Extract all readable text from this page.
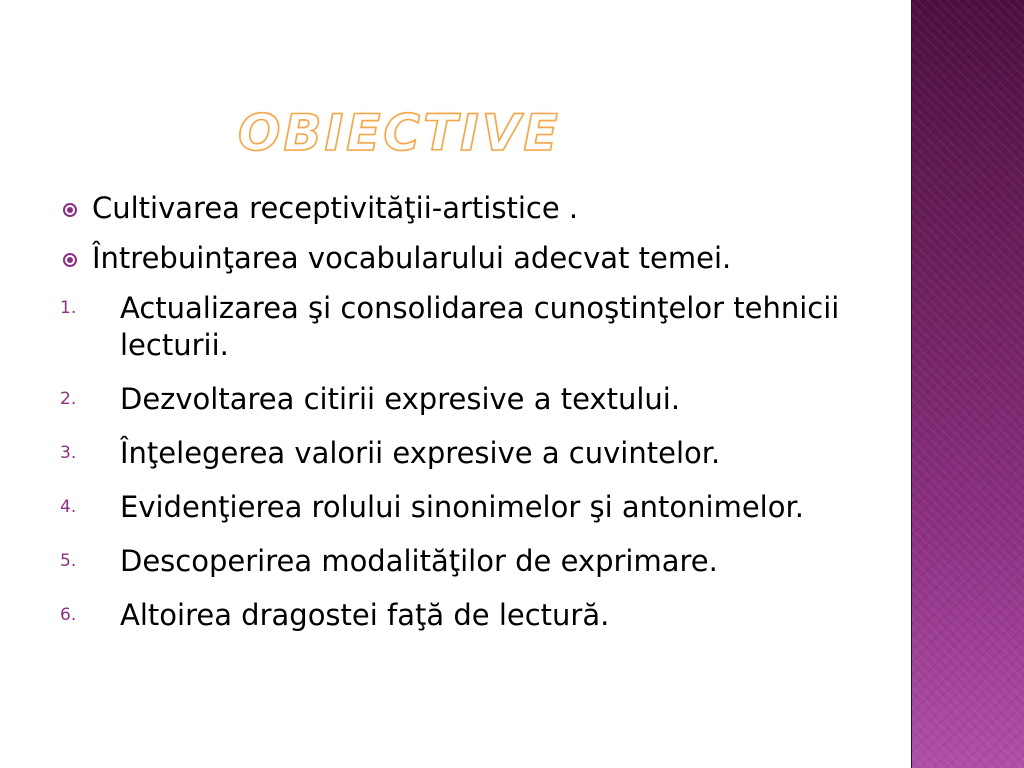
OBIECTIVE
Cultivarea receptivităţii-artistice .
Întrebuinţarea vocabularului adecvat temei.
1. Actualizarea şi consolidarea cunoştinţelor tehnicii lecturii.
2. Dezvoltarea citirii expresive a textului.
3. Înţelegerea valorii expresive a cuvintelor.
4. Evidenţierea rolului sinonimelor şi antonimelor.
5. Descoperirea modalităţilor de exprimare.
6. Altoirea dragostei faţă de lectură.
